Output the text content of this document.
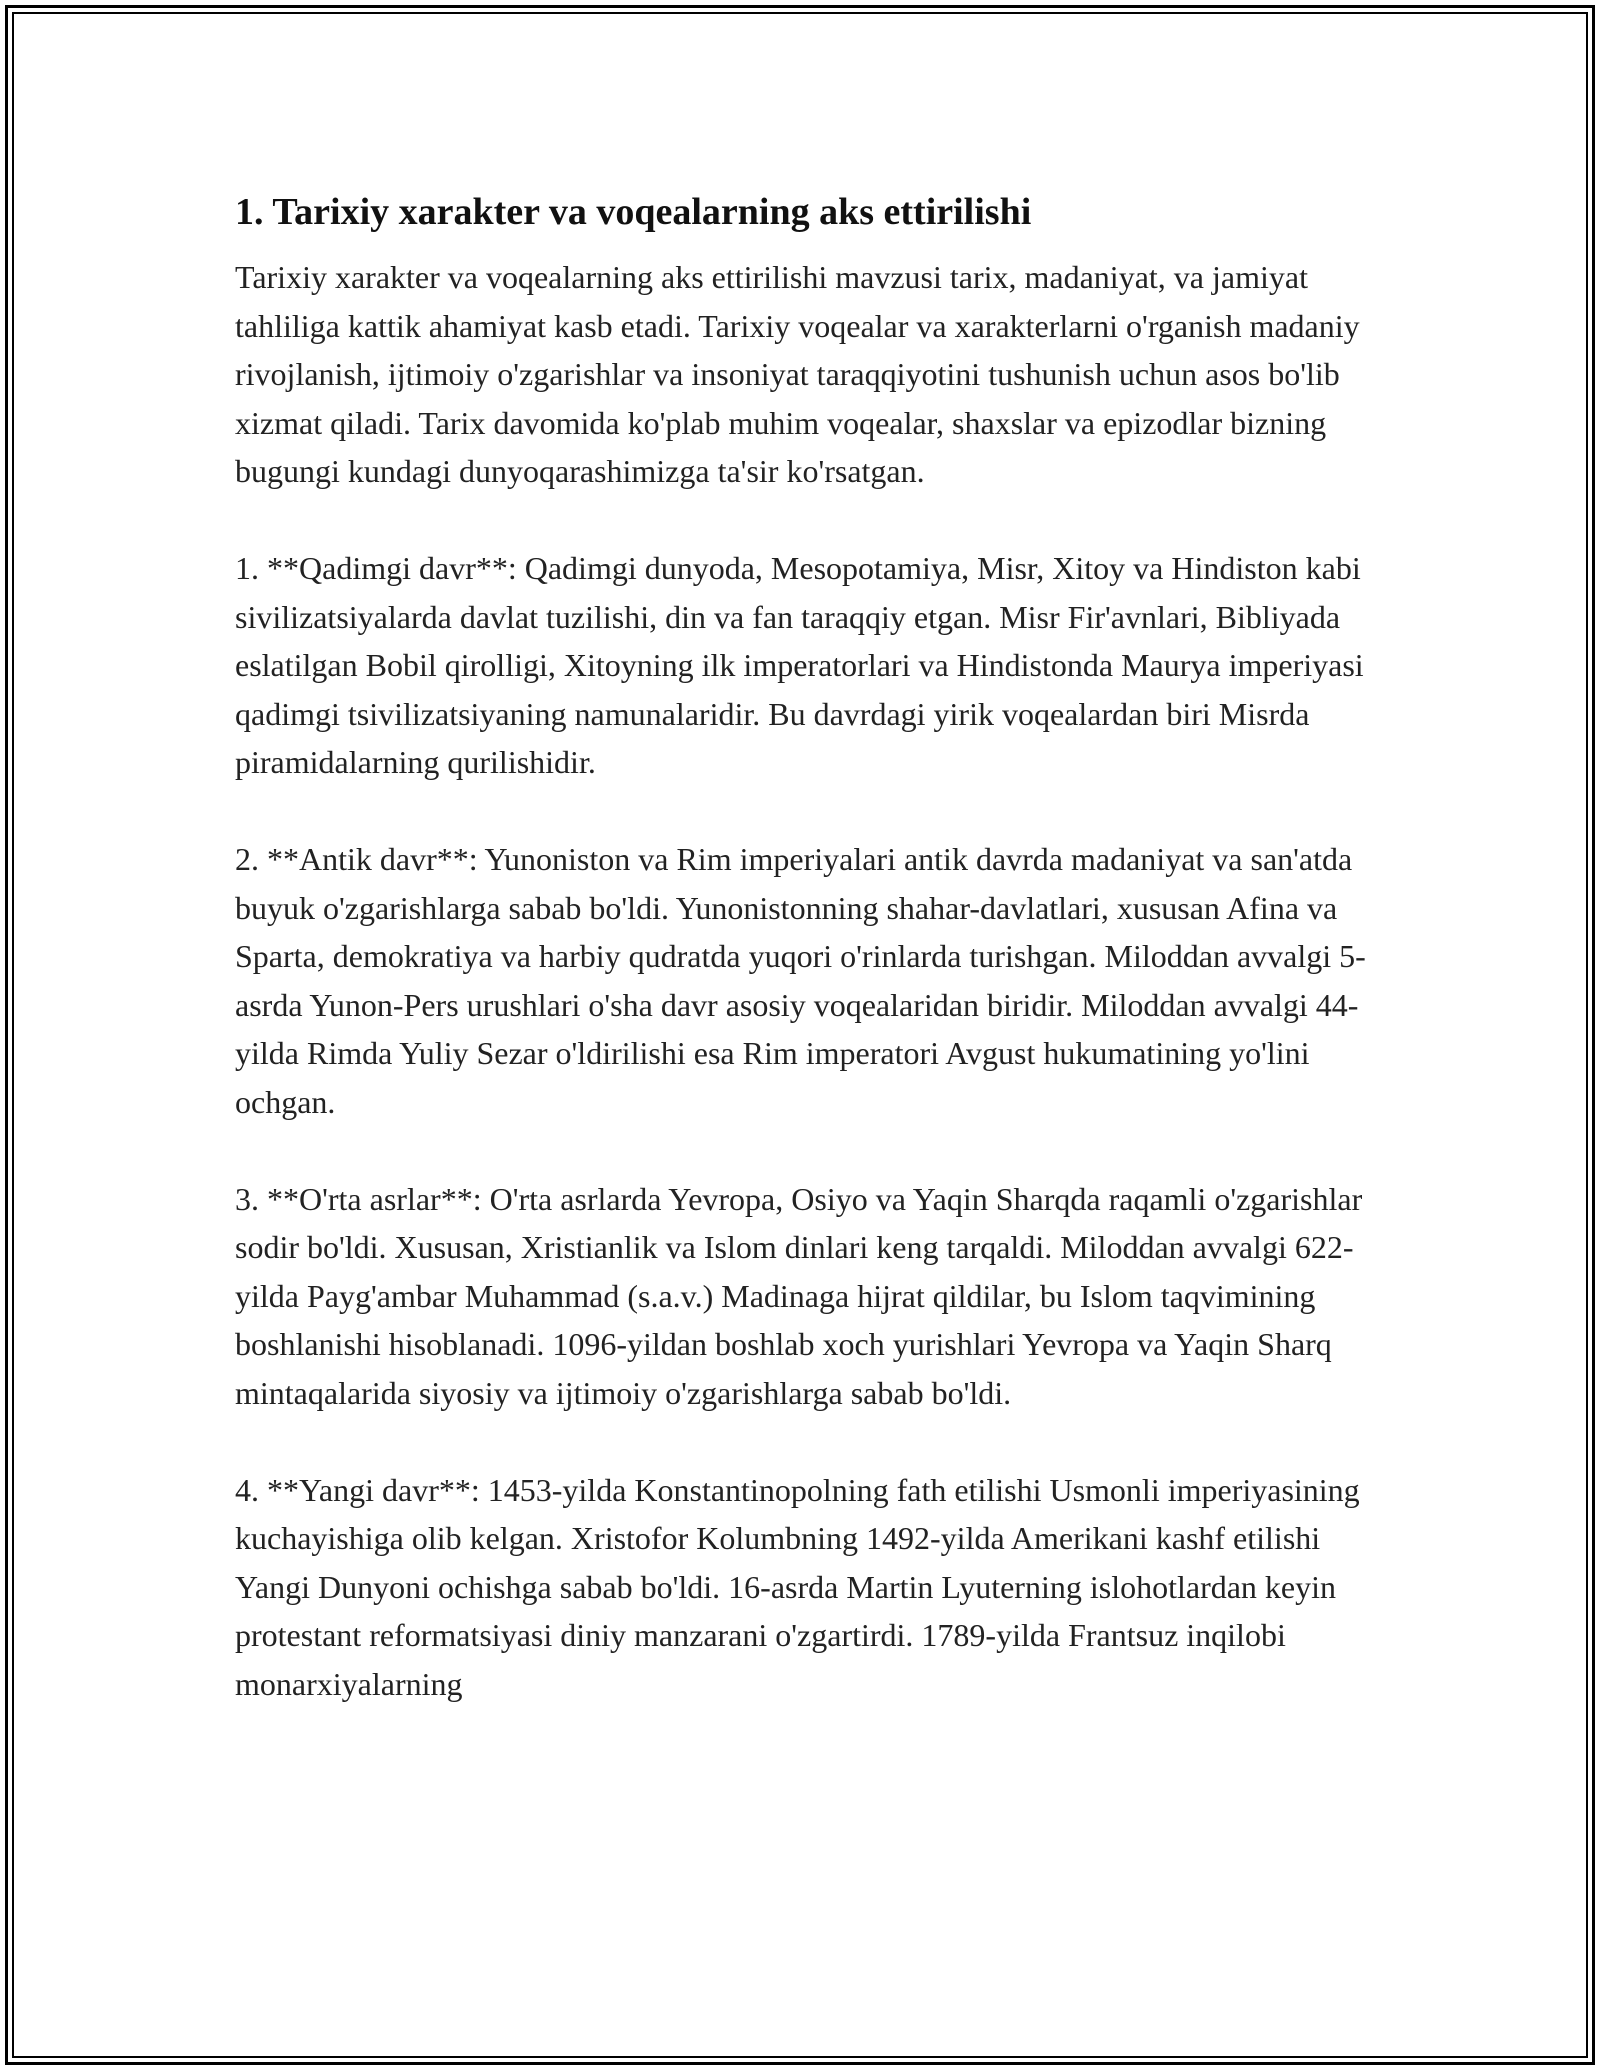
1. Tarixiy xarakter va voqealarning aks ettirilishi

Tarixiy xarakter va voqealarning aks ettirilishi mavzusi tarix, madaniyat, va jamiyat tahliliga kattik ahamiyat kasb etadi. Tarixiy voqealar va xarakterlarni o'rganish madaniy rivojlanish, ijtimoiy o'zgarishlar va insoniyat taraqqiyotini tushunish uchun asos bo'lib xizmat qiladi. Tarix davomida ko'plab muhim voqealar, shaxslar va epizodlar bizning bugungi kundagi dunyoqarashimizga ta'sir ko'rsatgan.

1. **Qadimgi davr**: Qadimgi dunyoda, Mesopotamiya, Misr, Xitoy va Hindiston kabi sivilizatsiyalarda davlat tuzilishi, din va fan taraqqiy etgan. Misr Fir'avnlari, Bibliyada eslatilgan Bobil qirolligi, Xitoyning ilk imperatorlari va Hindistonda Maurya imperiyasi qadimgi tsivilizatsiyaning namunalaridir. Bu davrdagi yirik voqealardan biri Misrda piramidalarning qurilishidir.

2. **Antik davr**: Yunoniston va Rim imperiyalari antik davrda madaniyat va san'atda buyuk o'zgarishlarga sabab bo'ldi. Yunonistonning shahar-davlatlari, xususan Afina va Sparta, demokratiya va harbiy qudratda yuqori o'rinlarda turishgan. Miloddan avvalgi 5-asrda Yunon-Pers urushlari o'sha davr asosiy voqealaridan biridir. Miloddan avvalgi 44-yilda Rimda Yuliy Sezar o'ldirilishi esa Rim imperatori Avgust hukumatining yo'lini ochgan.

3. **O'rta asrlar**: O'rta asrlarda Yevropa, Osiyo va Yaqin Sharqda raqamli o'zgarishlar sodir bo'ldi. Xususan, Xristianlik va Islom dinlari keng tarqaldi. Miloddan avvalgi 622-yilda Payg'ambar Muhammad (s.a.v.) Madinaga hijrat qildilar, bu Islom taqvimining boshlanishi hisoblanadi. 1096-yildan boshlab xoch yurishlari Yevropa va Yaqin Sharq mintaqalarida siyosiy va ijtimoiy o'zgarishlarga sabab bo'ldi.

4. **Yangi davr**: 1453-yilda Konstantinopolning fath etilishi Usmonli imperiyasining kuchayishiga olib kelgan. Xristofor Kolumbning 1492-yilda Amerikani kashf etilishi Yangi Dunyoni ochishga sabab bo'ldi. 16-asrda Martin Lyuterning islohotlardan keyin protestant reformatsiyasi diniy manzarani o'zgartirdi. 1789-yilda Frantsuz inqilobi monarxiyalarning
